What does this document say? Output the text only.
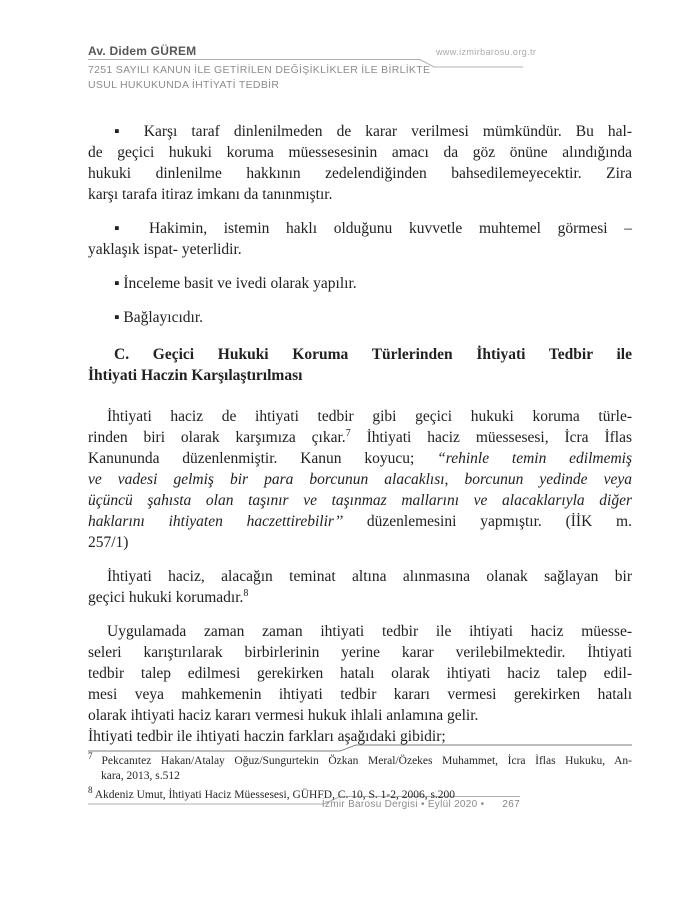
Av. Didem GÜREM	www.izmirbarosu.org.tr
7251 SAYILI KANUN İLE GETİRİLEN DEĞİŞİKLİKLER İLE BİRLİKTE
USUL HUKUKUNDA İHTİYATİ TEDBİR
▪ Karşı taraf dinlenilmeden de karar verilmesi mümkündür. Bu hal-
de geçici hukuki koruma müessesesinin amacı da göz önüne alındığında
hukuki dinlenilme hakkının zedelendiğinden bahsedilemeyecektir. Zira
karşı tarafa itiraz imkanı da tanınmıştır.
▪ Hakimin, istemin haklı olduğunu kuvvetle muhtemel görmesi –
yaklaşık ispat- yeterlidir.
▪ İnceleme basit ve ivedi olarak yapılır.
▪ Bağlayıcıdır.
C. Geçici Hukuki Koruma Türlerinden İhtiyati Tedbir ile
İhtiyati Haczin Karşılaştırılması
İhtiyati haciz de ihtiyati tedbir gibi geçici hukuki koruma türle-
rinden biri olarak karşımıza çıkar.$^7$ İhtiyati haciz müessesesi, İcra İflas
Kanununda düzenlenmiştir. Kanun koyucu; “rehinle temin edilmemiş
ve vadesi gelmiş bir para borcunun alacaklısı, borcunun yedinde veya
üçüncü şahısta olan taşınır ve taşınmaz mallarını ve alacaklarıyla diğer
haklarını ihtiyaten haczettirebilir’’ düzenlemesini yapmıştır. (İİK m.
257/1)
İhtiyati haciz, alacağın teminat altına alınmasına olanak sağlayan bir
geçici hukuki korumadır.$^8$
Uygulamada zaman zaman ihtiyati tedbir ile ihtiyati haciz müesse-
seleri karıştırılarak birbirlerinin yerine karar verilebilmektedir. İhtiyati
tedbir talep edilmesi gerekirken hatalı olarak ihtiyati haciz talep edil-
mesi veya mahkemenin ihtiyati tedbir kararı vermesi gerekirken hatalı
olarak ihtiyati haciz kararı vermesi hukuk ihlali anlamına gelir.
İhtiyati tedbir ile ihtiyati haczin farkları aşağıdaki gibidir;
$^7$ Pekcanıtez Hakan/Atalay Oğuz/Sungurtekin Özkan Meral/Özekes Muhammet, İcra İflas Hukuku, An-
kara, 2013, s.512
$^8$ Akdeniz Umut, İhtiyati Haciz Müessesesi, GÜHFD, C. 10, S. 1-2, 2006, s.200
İzmir Barosu Dergisi • Eylül 2020 • 267
